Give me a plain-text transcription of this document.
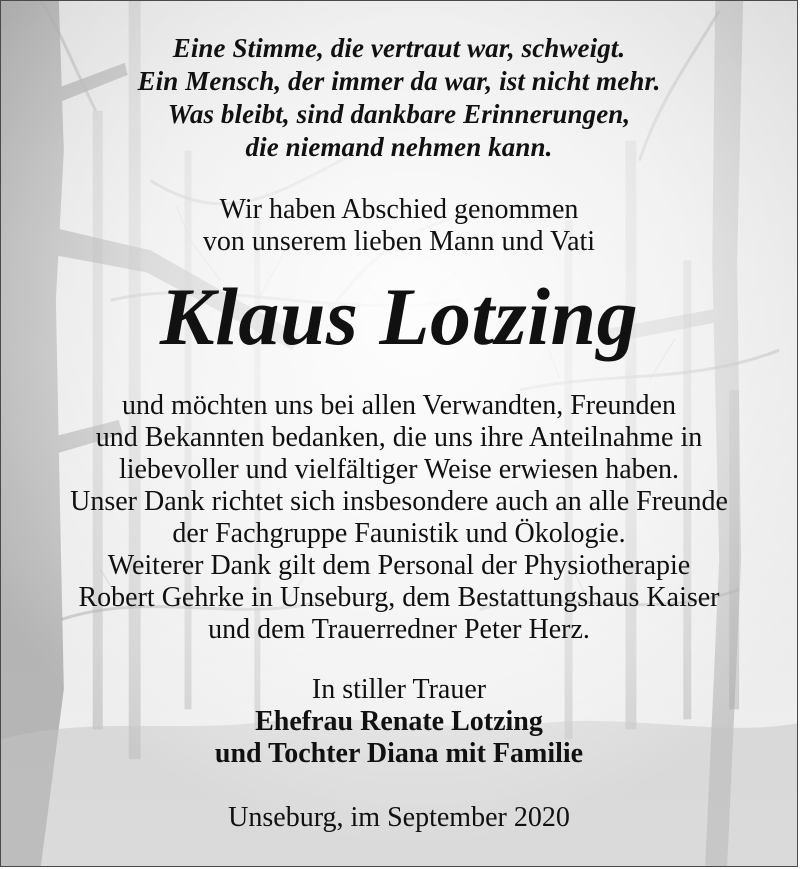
Eine Stimme, die vertraut war, schweigt.
Ein Mensch, der immer da war, ist nicht mehr.
Was bleibt, sind dankbare Erinnerungen,
die niemand nehmen kann.
Wir haben Abschied genommen
von unserem lieben Mann und Vati
Klaus Lotzing
und möchten uns bei allen Verwandten, Freunden
und Bekannten bedanken, die uns ihre Anteilnahme in
liebevoller und vielfältiger Weise erwiesen haben.
Unser Dank richtet sich insbesondere auch an alle Freunde
der Fachgruppe Faunistik und Ökologie.
Weiterer Dank gilt dem Personal der Physiotherapie
Robert Gehrke in Unseburg, dem Bestattungshaus Kaiser
und dem Trauerredner Peter Herz.
In stiller Trauer
Ehefrau Renate Lotzing
und Tochter Diana mit Familie
Unseburg, im September 2020
